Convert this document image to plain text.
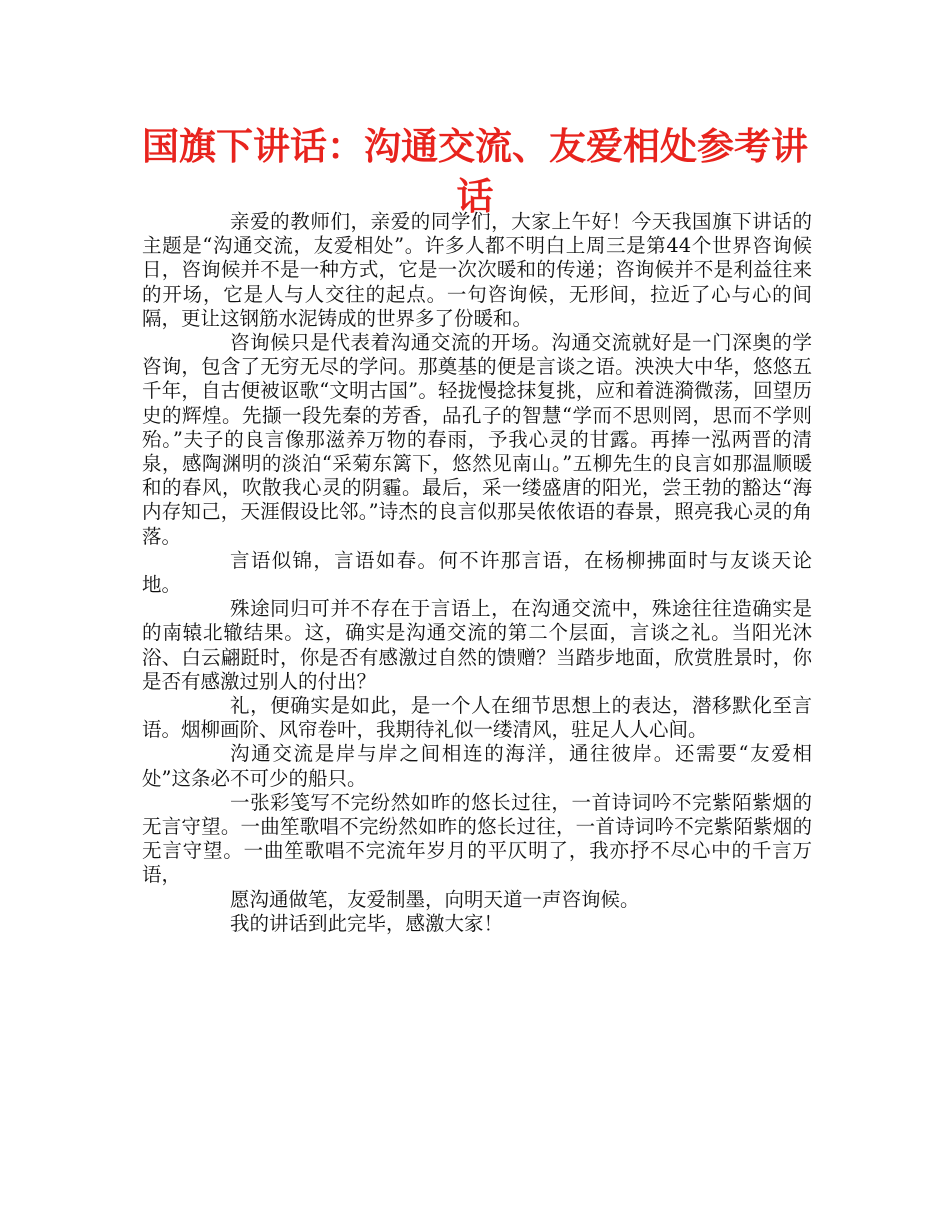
国旗下讲话：沟通交流、友爱相处参考讲话

亲爱的教师们，亲爱的同学们，大家上午好！今天我国旗下讲话的主题是“沟通交流，友爱相处”。许多人都不明白上周三是第44个世界咨询候日，咨询候并不是一种方式，它是一次次暖和的传递；咨询候并不是利益往来的开场，它是人与人交往的起点。一句咨询候，无形间，拉近了心与心的间隔，更让这钢筋水泥铸成的世界多了份暖和。

咨询候只是代表着沟通交流的开场。沟通交流就好是一门深奥的学咨询，包含了无穷无尽的学问。那奠基的便是言谈之语。泱泱大中华，悠悠五千年，自古便被讴歌“文明古国”。轻拢慢捻抹复挑，应和着涟漪微荡，回望历史的辉煌。先撷一段先秦的芳香，品孔子的智慧“学而不思则罔，思而不学则殆。”夫子的良言像那滋养万物的春雨，予我心灵的甘露。再捧一泓两晋的清泉，感陶渊明的淡泊“采菊东篱下，悠然见南山。”五柳先生的良言如那温顺暖和的春风，吹散我心灵的阴霾。最后，采一缕盛唐的阳光，尝王勃的豁达“海内存知己，天涯假设比邻。”诗杰的良言似那吴侬侬语的春景，照亮我心灵的角落。

言语似锦，言语如春。何不许那言语，在杨柳拂面时与友谈天论地。

殊途同归可并不存在于言语上，在沟通交流中，殊途往往造确实是的南辕北辙结果。这，确实是沟通交流的第二个层面，言谈之礼。当阳光沐浴、白云翩跹时，你是否有感激过自然的馈赠？当踏步地面，欣赏胜景时，你是否有感激过别人的付出？

礼，便确实是如此，是一个人在细节思想上的表达，潜移默化至言语。烟柳画阶、风帘卷叶，我期待礼似一缕清风，驻足人人心间。

沟通交流是岸与岸之间相连的海洋，通往彼岸。还需要“友爱相处”这条必不可少的船只。

一张彩笺写不完纷然如昨的悠长过往，一首诗词吟不完紫陌紫烟的无言守望。一曲笙歌唱不完纷然如昨的悠长过往，一首诗词吟不完紫陌紫烟的无言守望。一曲笙歌唱不完流年岁月的平仄明了，我亦抒不尽心中的千言万语，

愿沟通做笔，友爱制墨，向明天道一声咨询候。

我的讲话到此完毕，感激大家！
